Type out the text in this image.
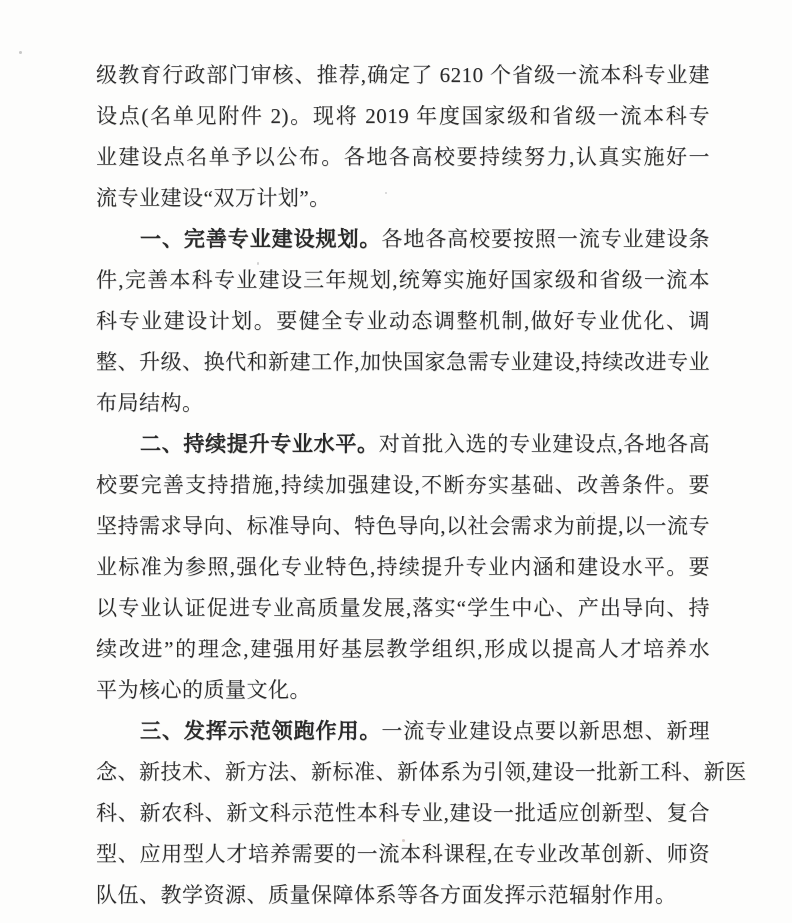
级教育行政部门审核、推荐,确定了 6210 个省级一流本科专业建
设点(名单见附件 2)。现将 2019 年度国家级和省级一流本科专
业建设点名单予以公布。各地各高校要持续努力,认真实施好一
流专业建设“双万计划”。
一、完善专业建设规划。各地各高校要按照一流专业建设条
件,完善本科专业建设三年规划,统筹实施好国家级和省级一流本
科专业建设计划。要健全专业动态调整机制,做好专业优化、调
整、升级、换代和新建工作,加快国家急需专业建设,持续改进专业
布局结构。
二、持续提升专业水平。对首批入选的专业建设点,各地各高
校要完善支持措施,持续加强建设,不断夯实基础、改善条件。要
坚持需求导向、标准导向、特色导向,以社会需求为前提,以一流专
业标准为参照,强化专业特色,持续提升专业内涵和建设水平。要
以专业认证促进专业高质量发展,落实“学生中心、产出导向、持
续改进”的理念,建强用好基层教学组织,形成以提高人才培养水
平为核心的质量文化。
三、发挥示范领跑作用。一流专业建设点要以新思想、新理
念、新技术、新方法、新标准、新体系为引领,建设一批新工科、新医
科、新农科、新文科示范性本科专业,建设一批适应创新型、复合
型、应用型人才培养需要的一流本科课程,在专业改革创新、师资
队伍、教学资源、质量保障体系等各方面发挥示范辐射作用。
